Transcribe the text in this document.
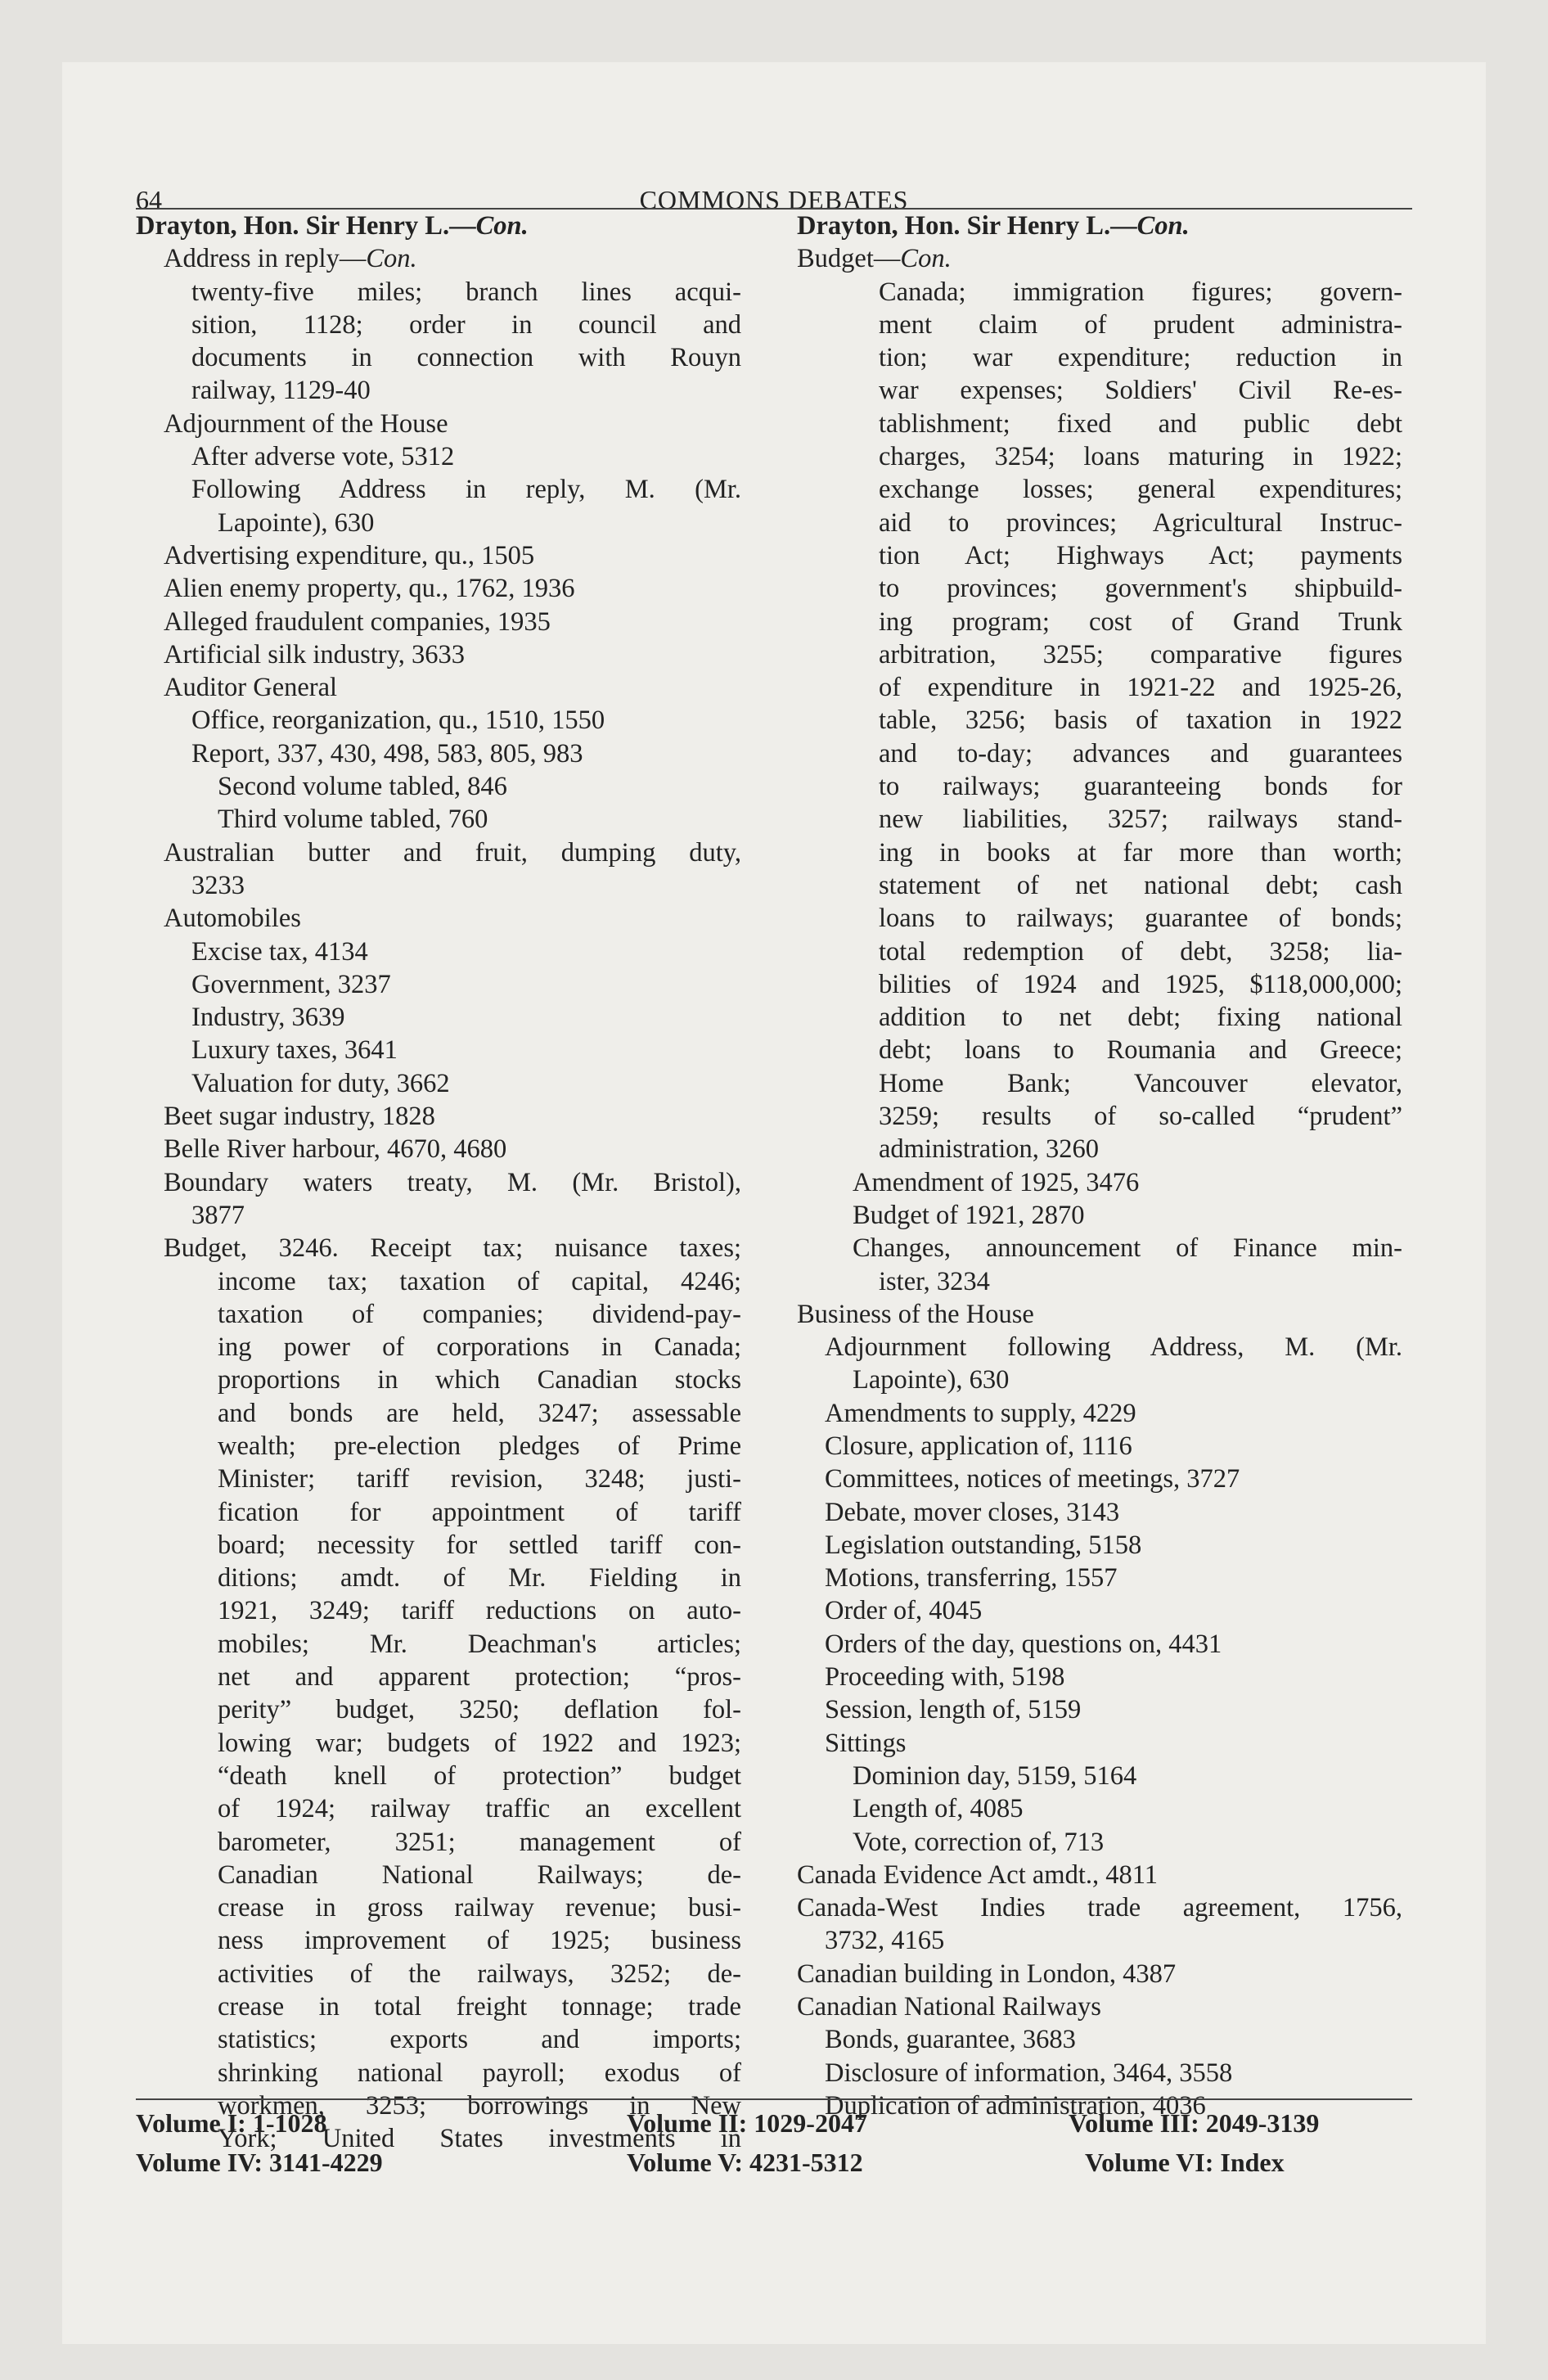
64	COMMONS DEBATES
Drayton, Hon. Sir Henry L.—Con.
Address in reply—Con.
twenty-five miles; branch lines acqui-
sition, 1128; order in council and
documents in connection with Rouyn
railway, 1129-40
Adjournment of the House
After adverse vote, 5312
Following Address in reply, M. (Mr.
Lapointe), 630
Advertising expenditure, qu., 1505
Alien enemy property, qu., 1762, 1936
Alleged fraudulent companies, 1935
Artificial silk industry, 3633
Auditor General
Office, reorganization, qu., 1510, 1550
Report, 337, 430, 498, 583, 805, 983
Second volume tabled, 846
Third volume tabled, 760
Australian butter and fruit, dumping duty,
3233
Automobiles
Excise tax, 4134
Government, 3237
Industry, 3639
Luxury taxes, 3641
Valuation for duty, 3662
Beet sugar industry, 1828
Belle River harbour, 4670, 4680
Boundary waters treaty, M. (Mr. Bristol),
3877
Budget, 3246. Receipt tax; nuisance taxes;
income tax; taxation of capital, 4246;
taxation of companies; dividend-pay-
ing power of corporations in Canada;
proportions in which Canadian stocks
and bonds are held, 3247; assessable
wealth; pre-election pledges of Prime
Minister; tariff revision, 3248; justi-
fication for appointment of tariff
board; necessity for settled tariff con-
ditions; amdt. of Mr. Fielding in
1921, 3249; tariff reductions on auto-
mobiles; Mr. Deachman's articles;
net and apparent protection; “pros-
perity” budget, 3250; deflation fol-
lowing war; budgets of 1922 and 1923;
“death knell of protection” budget
of 1924; railway traffic an excellent
barometer, 3251; management of
Canadian National Railways; de-
crease in gross railway revenue; busi-
ness improvement of 1925; business
activities of the railways, 3252; de-
crease in total freight tonnage; trade
statistics; exports and imports;
shrinking national payroll; exodus of
workmen, 3253; borrowings in New
York; United States investments in
Drayton, Hon. Sir Henry L.—Con.
Budget—Con.
Canada; immigration figures; govern-
ment claim of prudent administra-
tion; war expenditure; reduction in
war expenses; Soldiers' Civil Re-es-
tablishment; fixed and public debt
charges, 3254; loans maturing in 1922;
exchange losses; general expenditures;
aid to provinces; Agricultural Instruc-
tion Act; Highways Act; payments
to provinces; government's shipbuild-
ing program; cost of Grand Trunk
arbitration, 3255; comparative figures
of expenditure in 1921-22 and 1925-26,
table, 3256; basis of taxation in 1922
and to-day; advances and guarantees
to railways; guaranteeing bonds for
new liabilities, 3257; railways stand-
ing in books at far more than worth;
statement of net national debt; cash
loans to railways; guarantee of bonds;
total redemption of debt, 3258; lia-
bilities of 1924 and 1925, $118,000,000;
addition to net debt; fixing national
debt; loans to Roumania and Greece;
Home Bank; Vancouver elevator,
3259; results of so-called “prudent”
administration, 3260
Amendment of 1925, 3476
Budget of 1921, 2870
Changes, announcement of Finance min-
ister, 3234
Business of the House
Adjournment following Address, M. (Mr.
Lapointe), 630
Amendments to supply, 4229
Closure, application of, 1116
Committees, notices of meetings, 3727
Debate, mover closes, 3143
Legislation outstanding, 5158
Motions, transferring, 1557
Order of, 4045
Orders of the day, questions on, 4431
Proceeding with, 5198
Session, length of, 5159
Sittings
Dominion day, 5159, 5164
Length of, 4085
Vote, correction of, 713
Canada Evidence Act amdt., 4811
Canada-West Indies trade agreement, 1756,
3732, 4165
Canadian building in London, 4387
Canadian National Railways
Bonds, guarantee, 3683
Disclosure of information, 3464, 3558
Duplication of administration, 4036
Volume I: 1-1028	Volume II: 1029-2047	Volume III: 2049-3139
Volume IV: 3141-4229	Volume V: 4231-5312	Volume VI: Index
